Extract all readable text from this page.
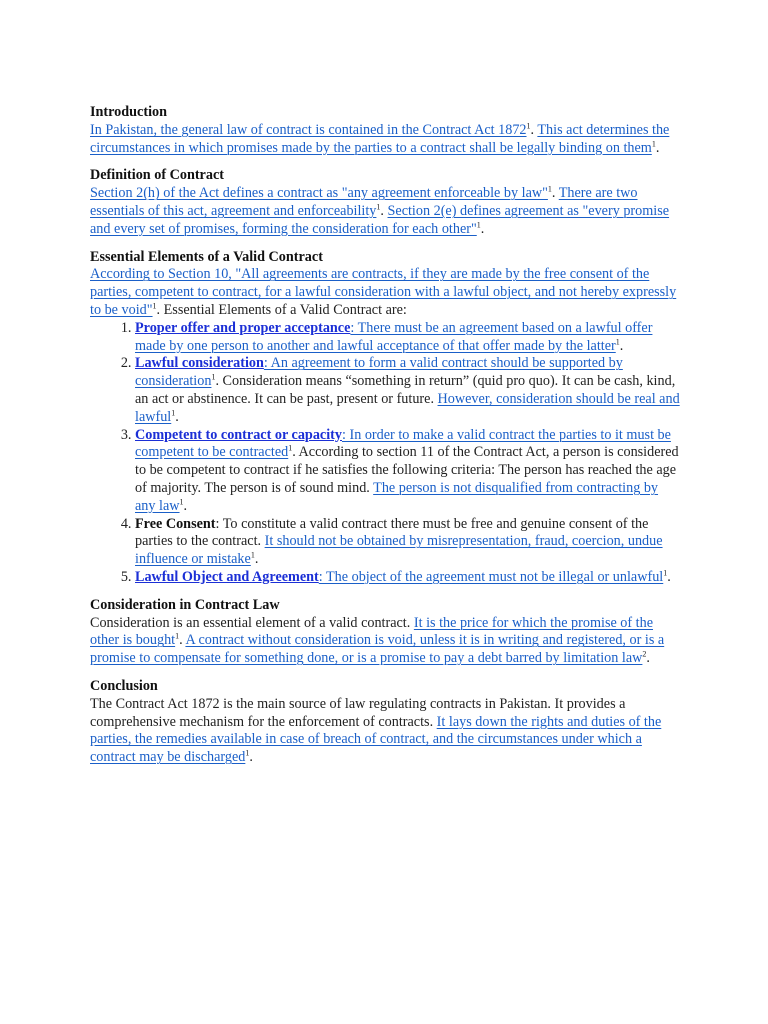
Introduction
In Pakistan, the general law of contract is contained in the Contract Act 1872$^1$. This act determines the circumstances in which promises made by the parties to a contract shall be legally binding on them$^1$.
Definition of Contract
Section 2(h) of the Act defines a contract as "any agreement enforceable by law"$^1$. There are two essentials of this act, agreement and enforceability$^1$. Section 2(e) defines agreement as "every promise and every set of promises, forming the consideration for each other"$^1$.
Essential Elements of a Valid Contract
According to Section 10, "All agreements are contracts, if they are made by the free consent of the parties, competent to contract, for a lawful consideration with a lawful object, and not hereby expressly to be void"$^1$. Essential Elements of a Valid Contract are:
1. Proper offer and proper acceptance: There must be an agreement based on a lawful offer made by one person to another and lawful acceptance of that offer made by the latter$^1$.
2. Lawful consideration: An agreement to form a valid contract should be supported by consideration$^1$. Consideration means “something in return” (quid pro quo). It can be cash, kind, an act or abstinence. It can be past, present or future. However, consideration should be real and lawful$^1$.
3. Competent to contract or capacity: In order to make a valid contract the parties to it must be competent to be contracted$^1$. According to section 11 of the Contract Act, a person is considered to be competent to contract if he satisfies the following criteria: The person has reached the age of majority. The person is of sound mind. The person is not disqualified from contracting by any law$^1$.
4. Free Consent: To constitute a valid contract there must be free and genuine consent of the parties to the contract. It should not be obtained by misrepresentation, fraud, coercion, undue influence or mistake$^1$.
5. Lawful Object and Agreement: The object of the agreement must not be illegal or unlawful$^1$.
Consideration in Contract Law
Consideration is an essential element of a valid contract. It is the price for which the promise of the other is bought$^1$. A contract without consideration is void, unless it is in writing and registered, or is a promise to compensate for something done, or is a promise to pay a debt barred by limitation law$^2$.
Conclusion
The Contract Act 1872 is the main source of law regulating contracts in Pakistan. It provides a comprehensive mechanism for the enforcement of contracts. It lays down the rights and duties of the parties, the remedies available in case of breach of contract, and the circumstances under which a contract may be discharged$^1$.
